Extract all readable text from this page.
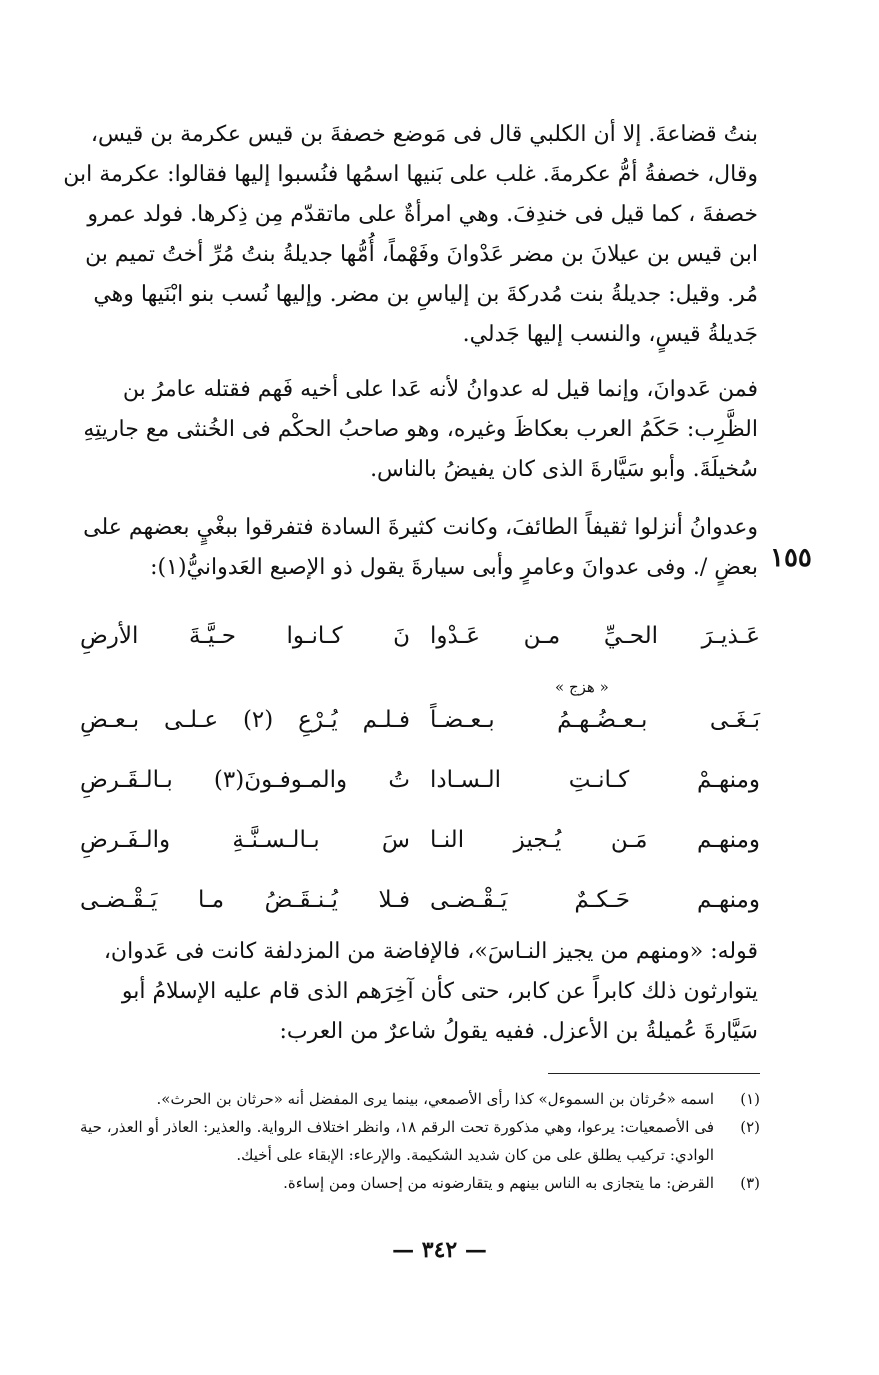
بنتُ قضاعةَ. إلا أن الكلبي قال فى مَوضع خصفةَ بن قيس عكرمة بن قيس،
وقال، خصفةُ أمُّ عكرمةَ. غلب على بَنيها اسمُها فنُسبوا إليها فقالوا: عكرمة ابن
خصفةَ ، كما قيل فى خندِفَ. وهي امرأةٌ على ماتقدّم مِن ذِكرها. فولد عمرو
ابن قيس بن عيلانَ بن مضر عَدْوانَ وفَهْماً، أُمُّها جديلةُ بنتُ مُرِّ أختُ تميم بن
مُر. وقيل: جديلةُ بنت مُدركةَ بن إلياسِ بن مضر. وإليها نُسب بنو ابْنَيها وهي
جَديلةُ قيسٍ، والنسب إليها جَدلي.
فمن عَدوانَ، وإنما قيل له عدوانُ لأنه عَدا على أخيه فَهم فقتله عامرُ بن
الظَّرِب: حَكَمُ العرب بعكاظَ وغيره، وهو صاحبُ الحكْم فى الخُنثى مع جاريتِهِ
سُخيلَةَ. وأبو سَيَّارةَ الذى كان يفيضُ بالناس.
وعدوانُ أنزلوا ثقيفاً الطائفَ، وكانت كثيرةَ السادة فتفرقوا ببغْيٍ بعضهم على
بعضٍ /. وفى عدوانَ وعامرٍ وأبى سيارةَ يقول ذو الإصبع العَدوانيُّ(١): ١٥٥
عَـذيـرَ الحـيِّ مـن عَـدْوا
نَ كـانـوا حـيَّـةَ الأرضِ
بَـغَـى بـعـضُـهـمُ بـعـضـاً
فـلـم يُـرْعِ (٢) عـلـى بـعـضِ
ومنهـمْ كـانـتِ الـسـادا
تُ والمـوفـونَ(٣) بـالـقَـرضِ
ومنهـم مَـن يُـجيز النـا
سَ بـالـسـنَّـةِ والـفَـرضِ
ومنهـم حَـكـمٌ يَـقْـضـى
فـلا يُـنـقَـضُ مـا يَـقْـضـى
« هزج »
قوله: «ومنهم من يجيز النـاسَ»، فالإفاضة من المزدلفة كانت فى عَدوان،
يتوارثون ذلك كابراً عن كابر، حتى كأن آخِرَهم الذى قام عليه الإسلامُ أبو
سَيَّارةَ عُميلةُ بن الأعزل. ففيه يقولُ شاعرٌ من العرب:
(١)
اسمه «حُرثان بن السموءل» كذا رأى الأصمعي، بينما يرى المفضل أنه «حرثان بن الحرث».
(٢)
فى الأصمعيات: يرعوا، وهي مذكورة تحت الرقم ١٨، وانظر اختلاف الرواية. والعذير: العاذر أو العذر، حية الوادي: تركيب يطلق على من كان شديد الشكيمة. والإرعاء: الإبقاء على أخيك.
(٣)
القرض: ما يتجازى به الناس بينهم و يتقارضونه من إحسان ومن إساءة.
— ٣٤٢ —
